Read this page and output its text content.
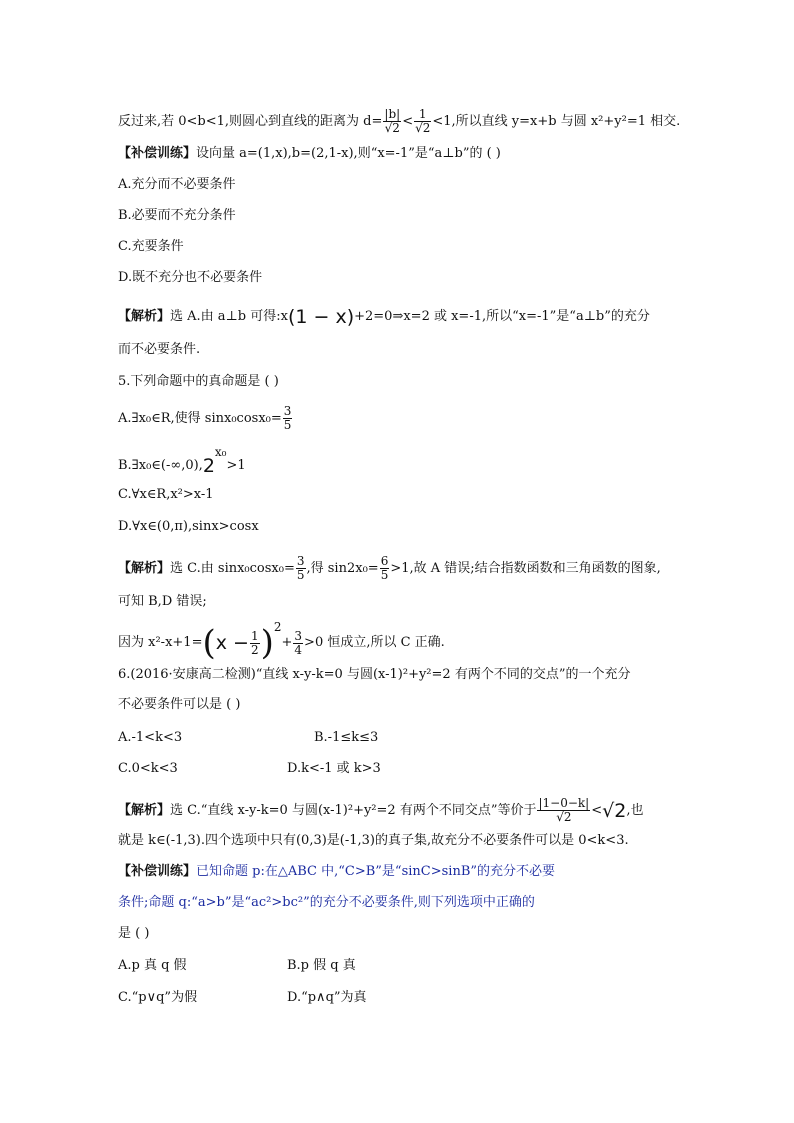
反过来,若 0<b<1,则圆心到直线的距离为 $d= \frac{|b|}{√2} < \frac{1}{√2} <1$,所以直线 y=x+b 与圆 x²+y²=1 相交.
【补偿训练】设向量 a=(1,x),b=(2,1-x),则“x=-1”是“a⊥b”的 ( )
A.充分而不必要条件
B.必要而不充分条件
C.充要条件
D.既不充分也不必要条件
【解析】选 A.由 a⊥b 可得:x(1 − x)+2=0⇒x=2 或 x=-1,所以“x=-1”是“a⊥b”的充分
而不必要条件.
5.下列命题中的真命题是 ( )
A.∃x₀∈R,使得 $\sin x_0\cos x_0= \frac{3}{5}$
$B.\exists x_0\in(-\infty,0),2^{x_0}>1$
C.∀x∈R,x²>x-1
D.∀x∈(0,π),sinx>cosx
【解析】选 C.由 $\sin x_0\cos x_0= \frac{3}{5}$ ,得 $\sin 2x_0= \frac{6}{5} >1$,故 A 错误;结合指数函数和三角函数的图象,
可知 B,D 错误;
因为 $x^2-x+1=(x - \frac{1}{2} )^2+ \frac{3}{4} >0$ 恒成立,所以 C 正确.
6.(2016·安康高二检测)“直线 x-y-k=0 与圆(x-1)²+y²=2 有两个不同的交点”的一个充分
不必要条件可以是 ( )
A.-1<k<3	B.-1≤k≤3
C.0<k<3	D.k<-1 或 k>3
【解析】选 C.“直线 x-y-k=0 与圆(x-1)²+y²=2 有两个不同交点”等价于 $\frac{|1-0-k|}{√2} <√2$,也
就是 k∈(-1,3).四个选项中只有(0,3)是(-1,3)的真子集,故充分不必要条件可以是 0<k<3.
【补偿训练】已知命题 p:在△ABC 中,“C>B”是“sinC>sinB”的充分不必要
条件;命题 q:“a>b”是“ac²>bc²”的充分不必要条件,则下列选项中正确的
是 ( )
A.p 真 q 假	B.p 假 q 真
C.“p∨q”为假	D.“p∧q”为真
